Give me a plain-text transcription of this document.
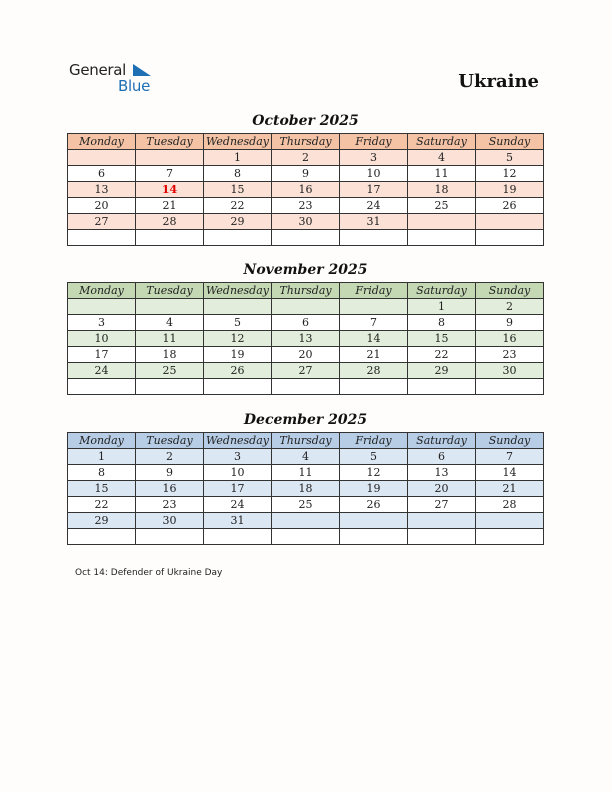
General
Blue	Ukraine
October 2025
Monday	Tuesday	Wednesday	Thursday	Friday	Saturday	Sunday
		1	2	3	4	5
6	7	8	9	10	11	12
13	14	15	16	17	18	19
20	21	22	23	24	25	26
27	28	29	30	31		

November 2025
Monday	Tuesday	Wednesday	Thursday	Friday	Saturday	Sunday
					1	2
3	4	5	6	7	8	9
10	11	12	13	14	15	16
17	18	19	20	21	22	23
24	25	26	27	28	29	30

December 2025
Monday	Tuesday	Wednesday	Thursday	Friday	Saturday	Sunday
1	2	3	4	5	6	7
8	9	10	11	12	13	14
15	16	17	18	19	20	21
22	23	24	25	26	27	28
29	30	31				

Oct 14: Defender of Ukraine Day
